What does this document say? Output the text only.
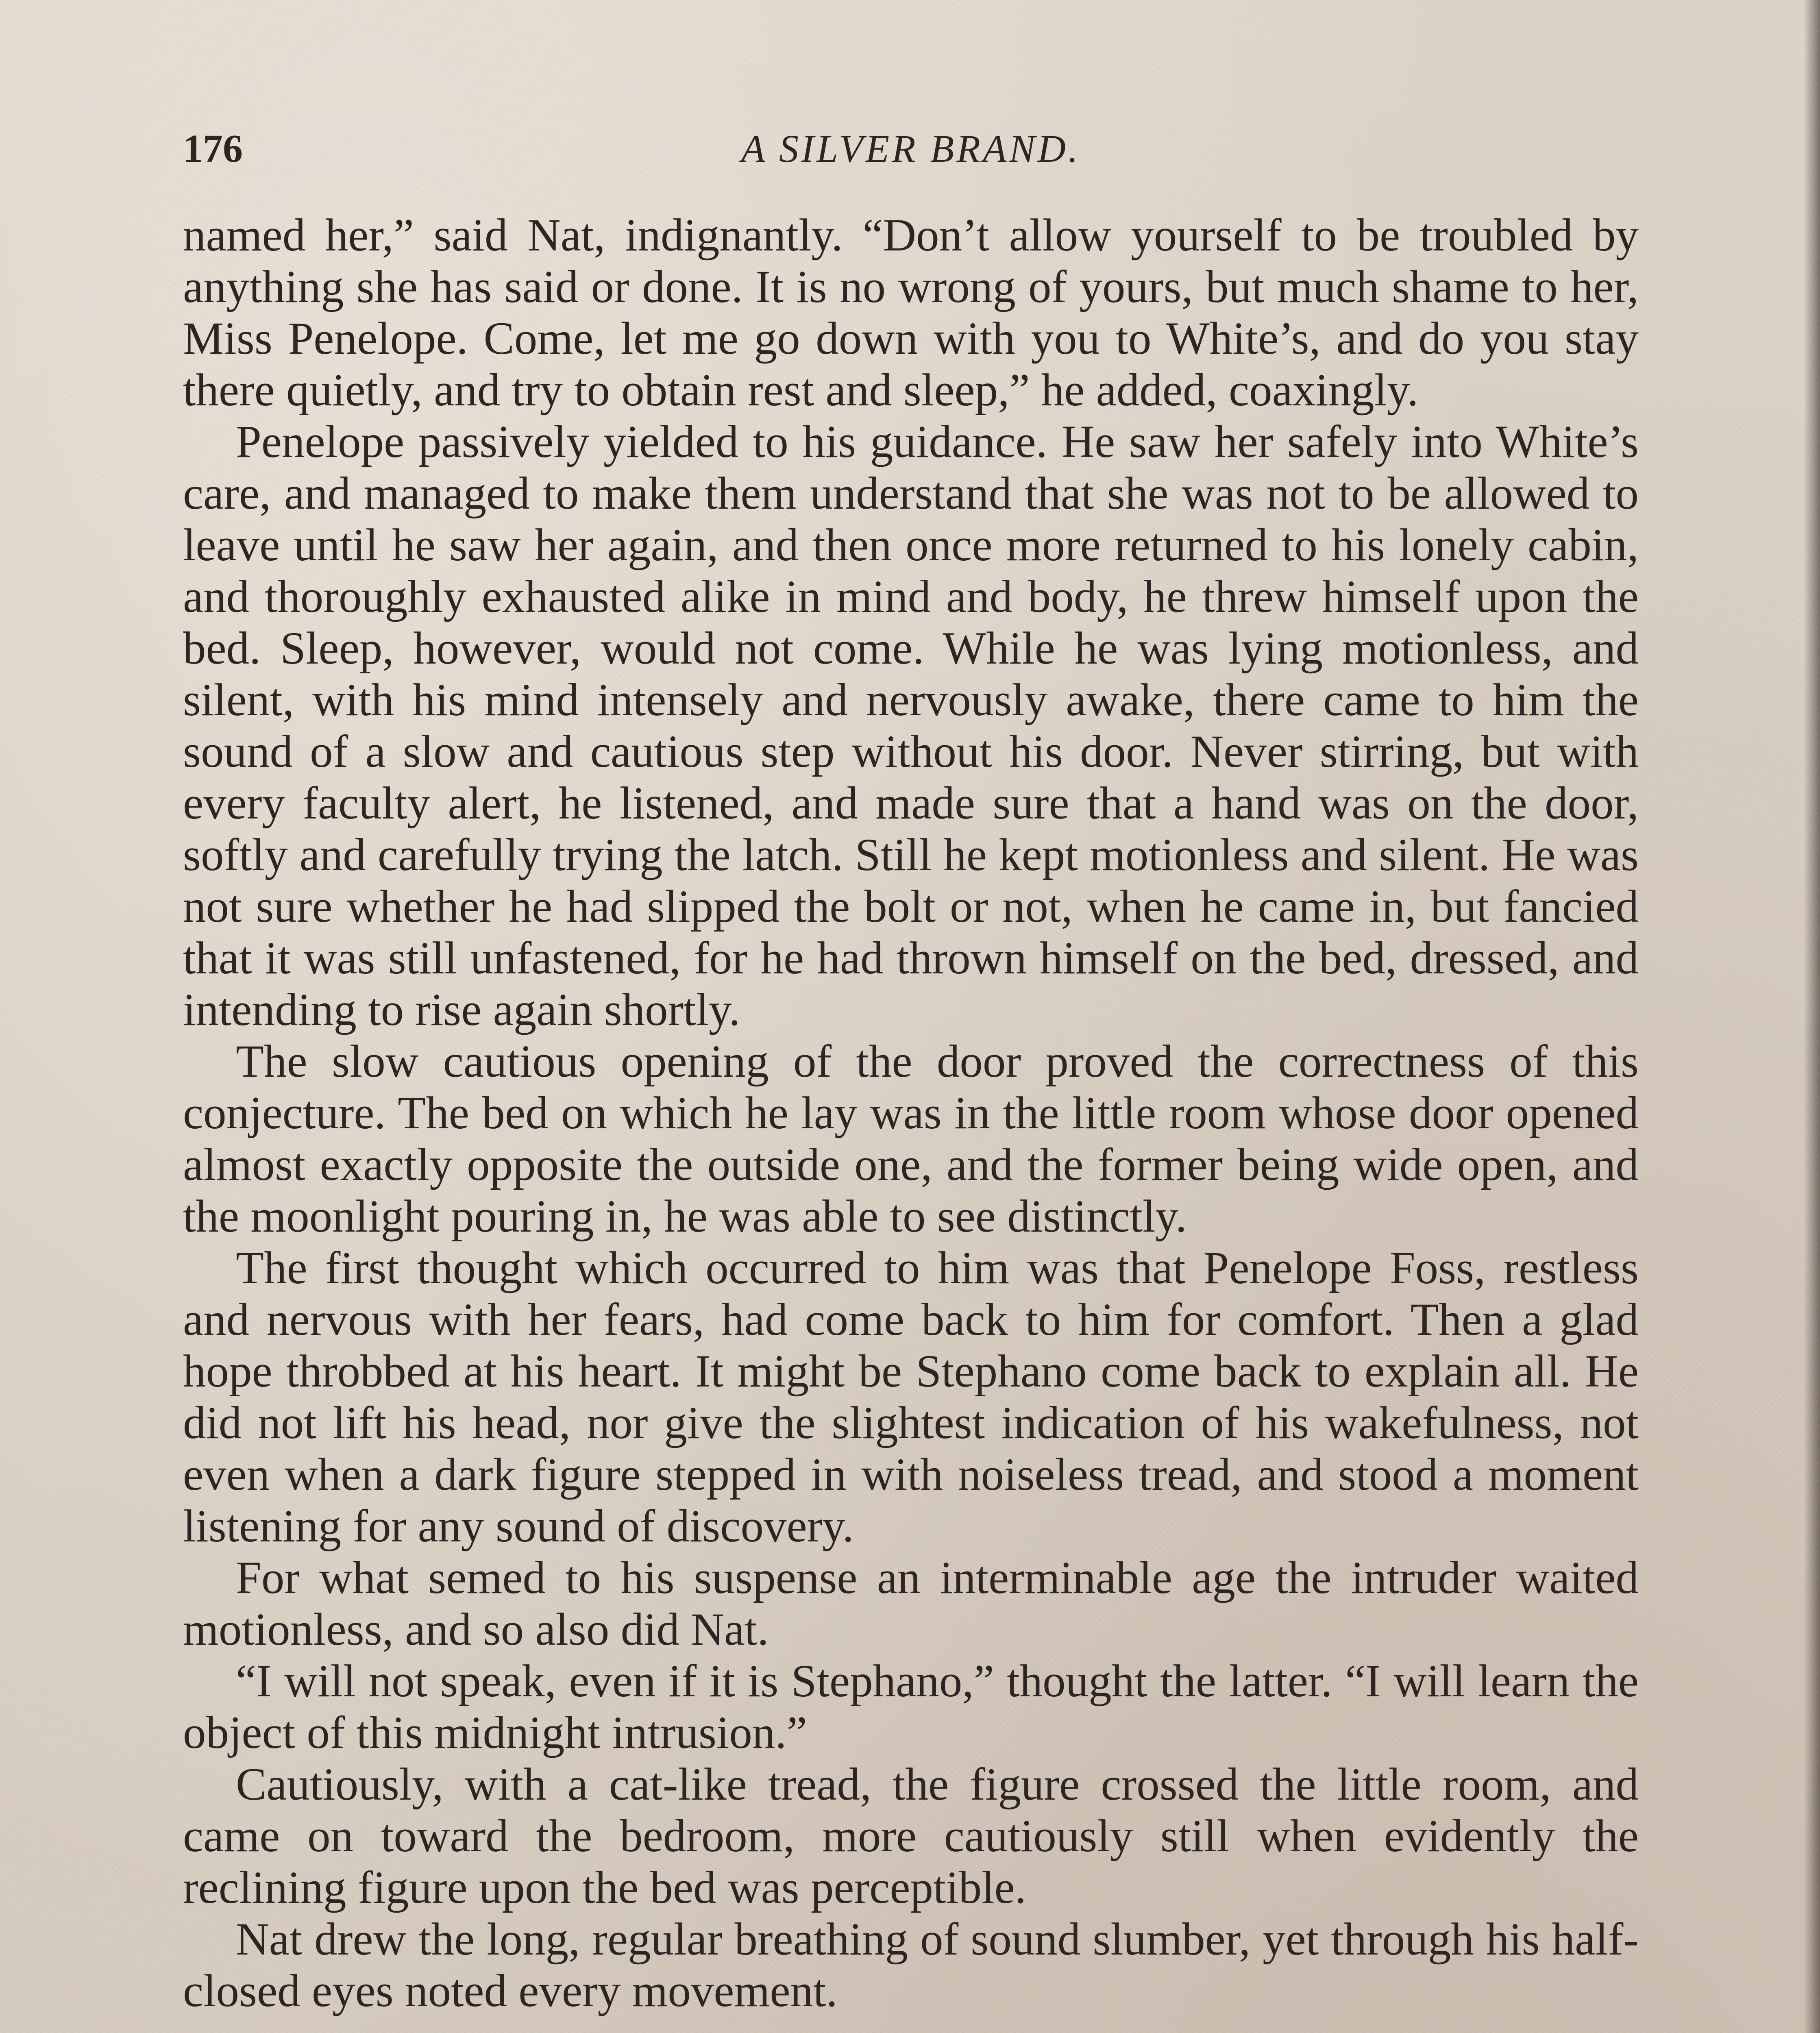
176	A SILVER BRAND.

named her,” said Nat, indignantly. “Don’t allow yourself to be troubled by anything she has said or done. It is no wrong of yours, but much shame to her, Miss Penelope. Come, let me go down with you to White’s, and do you stay there quietly, and try to obtain rest and sleep,” he added, coaxingly.

Penelope passively yielded to his guidance. He saw her safely into White’s care, and managed to make them understand that she was not to be allowed to leave until he saw her again, and then once more returned to his lonely cabin, and thoroughly exhausted alike in mind and body, he threw himself upon the bed. Sleep, however, would not come. While he was lying motionless, and silent, with his mind intensely and nervously awake, there came to him the sound of a slow and cautious step without his door. Never stirring, but with every faculty alert, he listened, and made sure that a hand was on the door, softly and carefully trying the latch. Still he kept motionless and silent. He was not sure whether he had slipped the bolt or not, when he came in, but fancied that it was still unfastened, for he had thrown himself on the bed, dressed, and intending to rise again shortly.

The slow cautious opening of the door proved the correctness of this conjecture. The bed on which he lay was in the little room whose door opened almost exactly opposite the outside one, and the former being wide open, and the moonlight pouring in, he was able to see distinctly.

The first thought which occurred to him was that Penelope Foss, restless and nervous with her fears, had come back to him for comfort. Then a glad hope throbbed at his heart. It might be Stephano come back to explain all. He did not lift his head, nor give the slightest indication of his wakefulness, not even when a dark figure stepped in with noiseless tread, and stood a moment listening for any sound of discovery.

For what semed to his suspense an interminable age the intruder waited motionless, and so also did Nat.

“I will not speak, even if it is Stephano,” thought the latter. “I will learn the object of this midnight intrusion.”

Cautiously, with a cat-like tread, the figure crossed the little room, and came on toward the bedroom, more cautiously still when evidently the reclining figure upon the bed was perceptible.

Nat drew the long, regular breathing of sound slumber, yet through his half-closed eyes noted every movement.
